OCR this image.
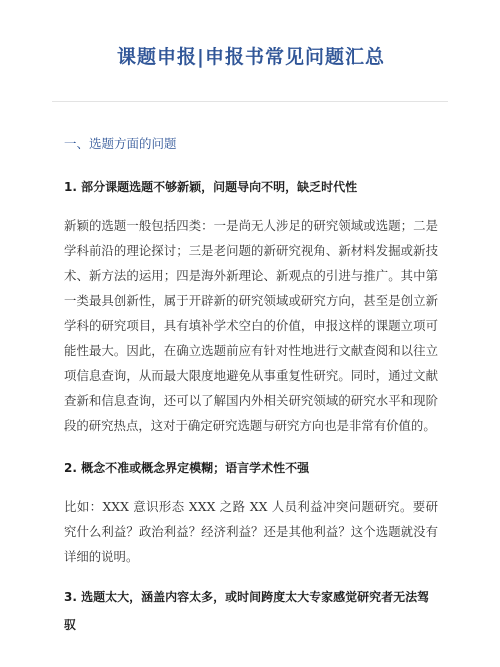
课题申报|申报书常见问题汇总
一、选题方面的问题
1. 部分课题选题不够新颖，问题导向不明，缺乏时代性

新颖的选题一般包括四类：一是尚无人涉足的研究领域或选题；二是学科前沿的理论探讨；三是老问题的新研究视角、新材料发掘或新技术、新方法的运用；四是海外新理论、新观点的引进与推广。其中第一类最具创新性，属于开辟新的研究领域或研究方向，甚至是创立新学科的研究项目，具有填补学术空白的价值，申报这样的课题立项可能性最大。因此，在确立选题前应有针对性地进行文献查阅和以往立项信息查询，从而最大限度地避免从事重复性研究。同时，通过文献查新和信息查询，还可以了解国内外相关研究领域的研究水平和现阶段的研究热点，这对于确定研究选题与研究方向也是非常有价值的。

2. 概念不准或概念界定模糊；语言学术性不强

比如：XXX 意识形态 XXX 之路 XX 人员利益冲突问题研究。要研究什么利益？政治利益？经济利益？还是其他利益？这个选题就没有详细的说明。

3. 选题太大，涵盖内容太多，或时间跨度太大专家感觉研究者无法驾驭
